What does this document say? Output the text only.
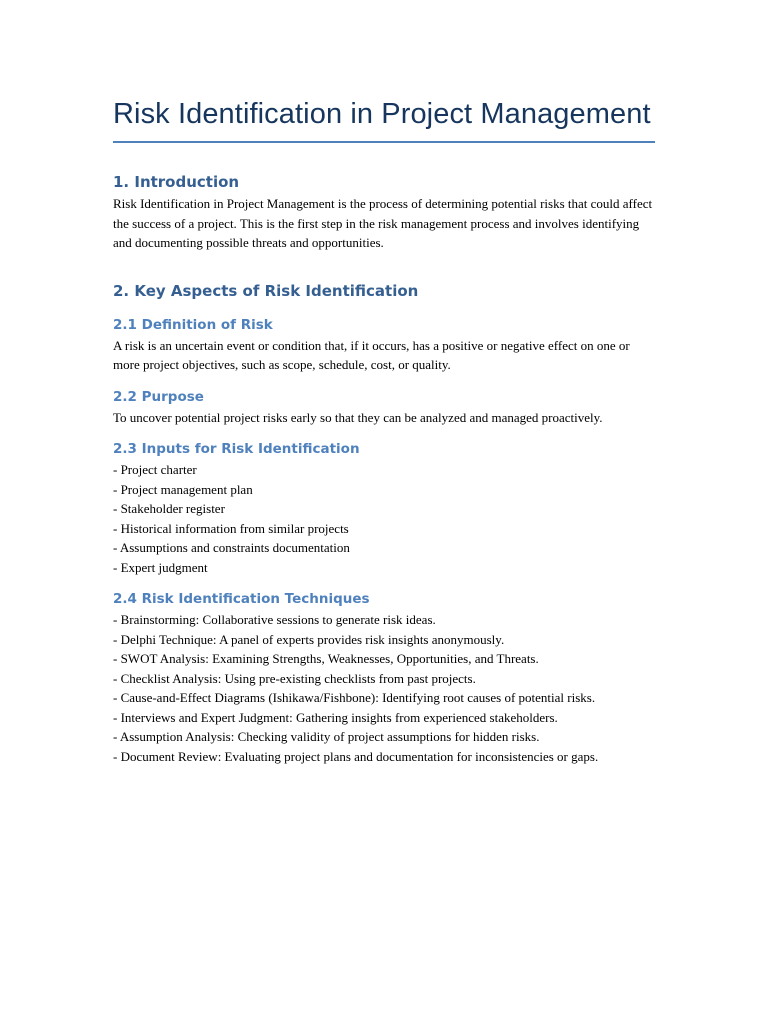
Risk Identification in Project Management
1. Introduction

Risk Identification in Project Management is the process of determining potential risks that could affect the success of a project. This is the first step in the risk management process and involves identifying and documenting possible threats and opportunities.

2. Key Aspects of Risk Identification
2.1 Definition of Risk

A risk is an uncertain event or condition that, if it occurs, has a positive or negative effect on one or more project objectives, such as scope, schedule, cost, or quality.

2.2 Purpose

To uncover potential project risks early so that they can be analyzed and managed proactively.

2.3 Inputs for Risk Identification
- Project charter
- Project management plan
- Stakeholder register
- Historical information from similar projects
- Assumptions and constraints documentation
- Expert judgment
2.4 Risk Identification Techniques
- Brainstorming: Collaborative sessions to generate risk ideas.
- Delphi Technique: A panel of experts provides risk insights anonymously.
- SWOT Analysis: Examining Strengths, Weaknesses, Opportunities, and Threats.
- Checklist Analysis: Using pre-existing checklists from past projects.
- Cause-and-Effect Diagrams (Ishikawa/Fishbone): Identifying root causes of potential risks.
- Interviews and Expert Judgment: Gathering insights from experienced stakeholders.
- Assumption Analysis: Checking validity of project assumptions for hidden risks.
- Document Review: Evaluating project plans and documentation for inconsistencies or gaps.
